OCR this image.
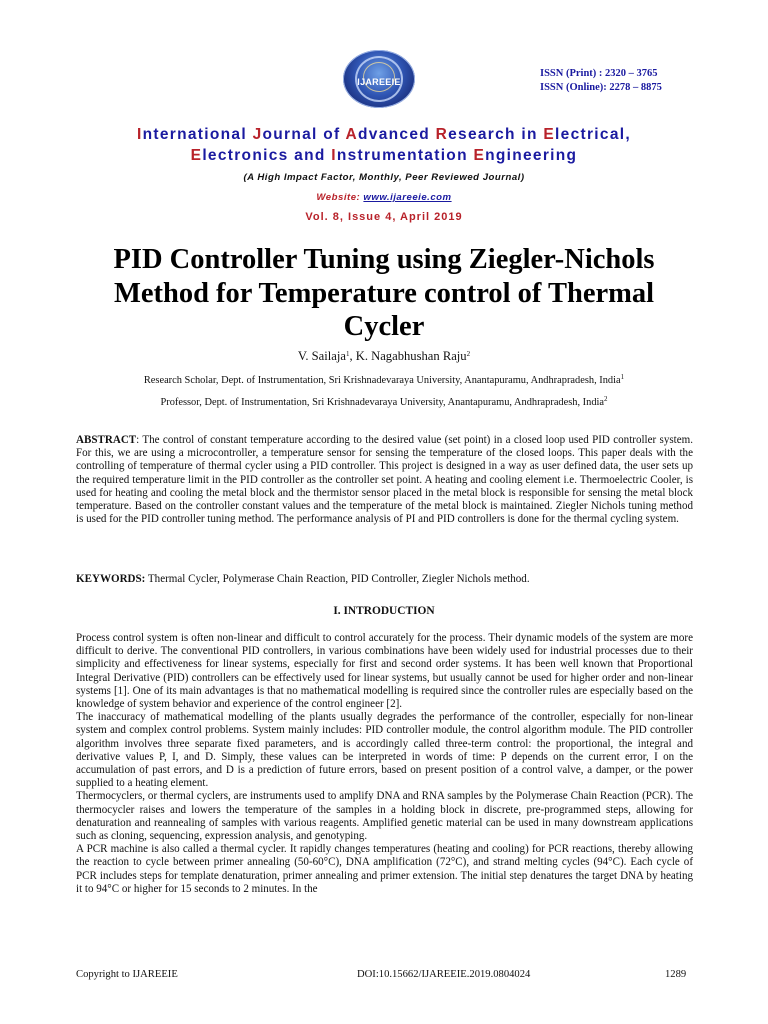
IJAREEIE
ISSN (Print) : 2320 – 3765
ISSN (Online): 2278 – 8875
International Journal of Advanced Research in Electrical,
Electronics and Instrumentation Engineering
(A High Impact Factor, Monthly, Peer Reviewed Journal)
Website: www.ijareeie.com
Vol. 8, Issue 4, April 2019
PID Controller Tuning using Ziegler-Nichols
Method for Temperature control of Thermal
Cycler
V. Sailaja$^1$, K. Nagabhushan Raju$^2$
Research Scholar, Dept. of Instrumentation, Sri Krishnadevaraya University, Anantapuramu, Andhrapradesh, India$^1$
Professor, Dept. of Instrumentation, Sri Krishnadevaraya University, Anantapuramu, Andhrapradesh, India$^2$
ABSTRACT: The control of constant temperature according to the desired value (set point) in a closed loop used PID controller system. For this, we are using a microcontroller, a temperature sensor for sensing the temperature of the closed loops. This paper deals with the controlling of temperature of thermal cycler using a PID controller. This project is designed in a way as user defined data, the user sets up the required temperature limit in the PID controller as the controller set point. A heating and cooling element i.e. Thermoelectric Cooler, is used for heating and cooling the metal block and the thermistor sensor placed in the metal block is responsible for sensing the metal block temperature. Based on the controller constant values and the temperature of the metal block is maintained. Ziegler Nichols tuning method is used for the PID controller tuning method. The performance analysis of PI and PID controllers is done for the thermal cycling system.
KEYWORDS: Thermal Cycler, Polymerase Chain Reaction, PID Controller, Ziegler Nichols method.
I. INTRODUCTION

Process control system is often non-linear and difficult to control accurately for the process. Their dynamic models of the system are more difficult to derive. The conventional PID controllers, in various combinations have been widely used for industrial processes due to their simplicity and effectiveness for linear systems, especially for first and second order systems. It has been well known that Proportional Integral Derivative (PID) controllers can be effectively used for linear systems, but usually cannot be used for higher order and non-linear systems [1]. One of its main advantages is that no mathematical modelling is required since the controller rules are especially based on the knowledge of system behavior and experience of the control engineer [2].

The inaccuracy of mathematical modelling of the plants usually degrades the performance of the controller, especially for non-linear system and complex control problems. System mainly includes: PID controller module, the control algorithm module. The PID controller algorithm involves three separate fixed parameters, and is accordingly called three-term control: the proportional, the integral and derivative values P, I, and D. Simply, these values can be interpreted in words of time: P depends on the current error, I on the accumulation of past errors, and D is a prediction of future errors, based on present position of a control valve, a damper, or the power supplied to a heating element.

Thermocyclers, or thermal cyclers, are instruments used to amplify DNA and RNA samples by the Polymerase Chain Reaction (PCR). The thermocycler raises and lowers the temperature of the samples in a holding block in discrete, pre-programmed steps, allowing for denaturation and reannealing of samples with various reagents. Amplified genetic material can be used in many downstream applications such as cloning, sequencing, expression analysis, and genotyping.

A PCR machine is also called a thermal cycler. It rapidly changes temperatures (heating and cooling) for PCR reactions, thereby allowing the reaction to cycle between primer annealing (50-60°C), DNA amplification (72°C), and strand melting cycles (94°C). Each cycle of PCR includes steps for template denaturation, primer annealing and primer extension. The initial step denatures the target DNA by heating it to 94°C or higher for 15 seconds to 2 minutes. In the

Copyright to IJAREEIE	DOI:10.15662/IJAREEIE.2019.0804024	1289
